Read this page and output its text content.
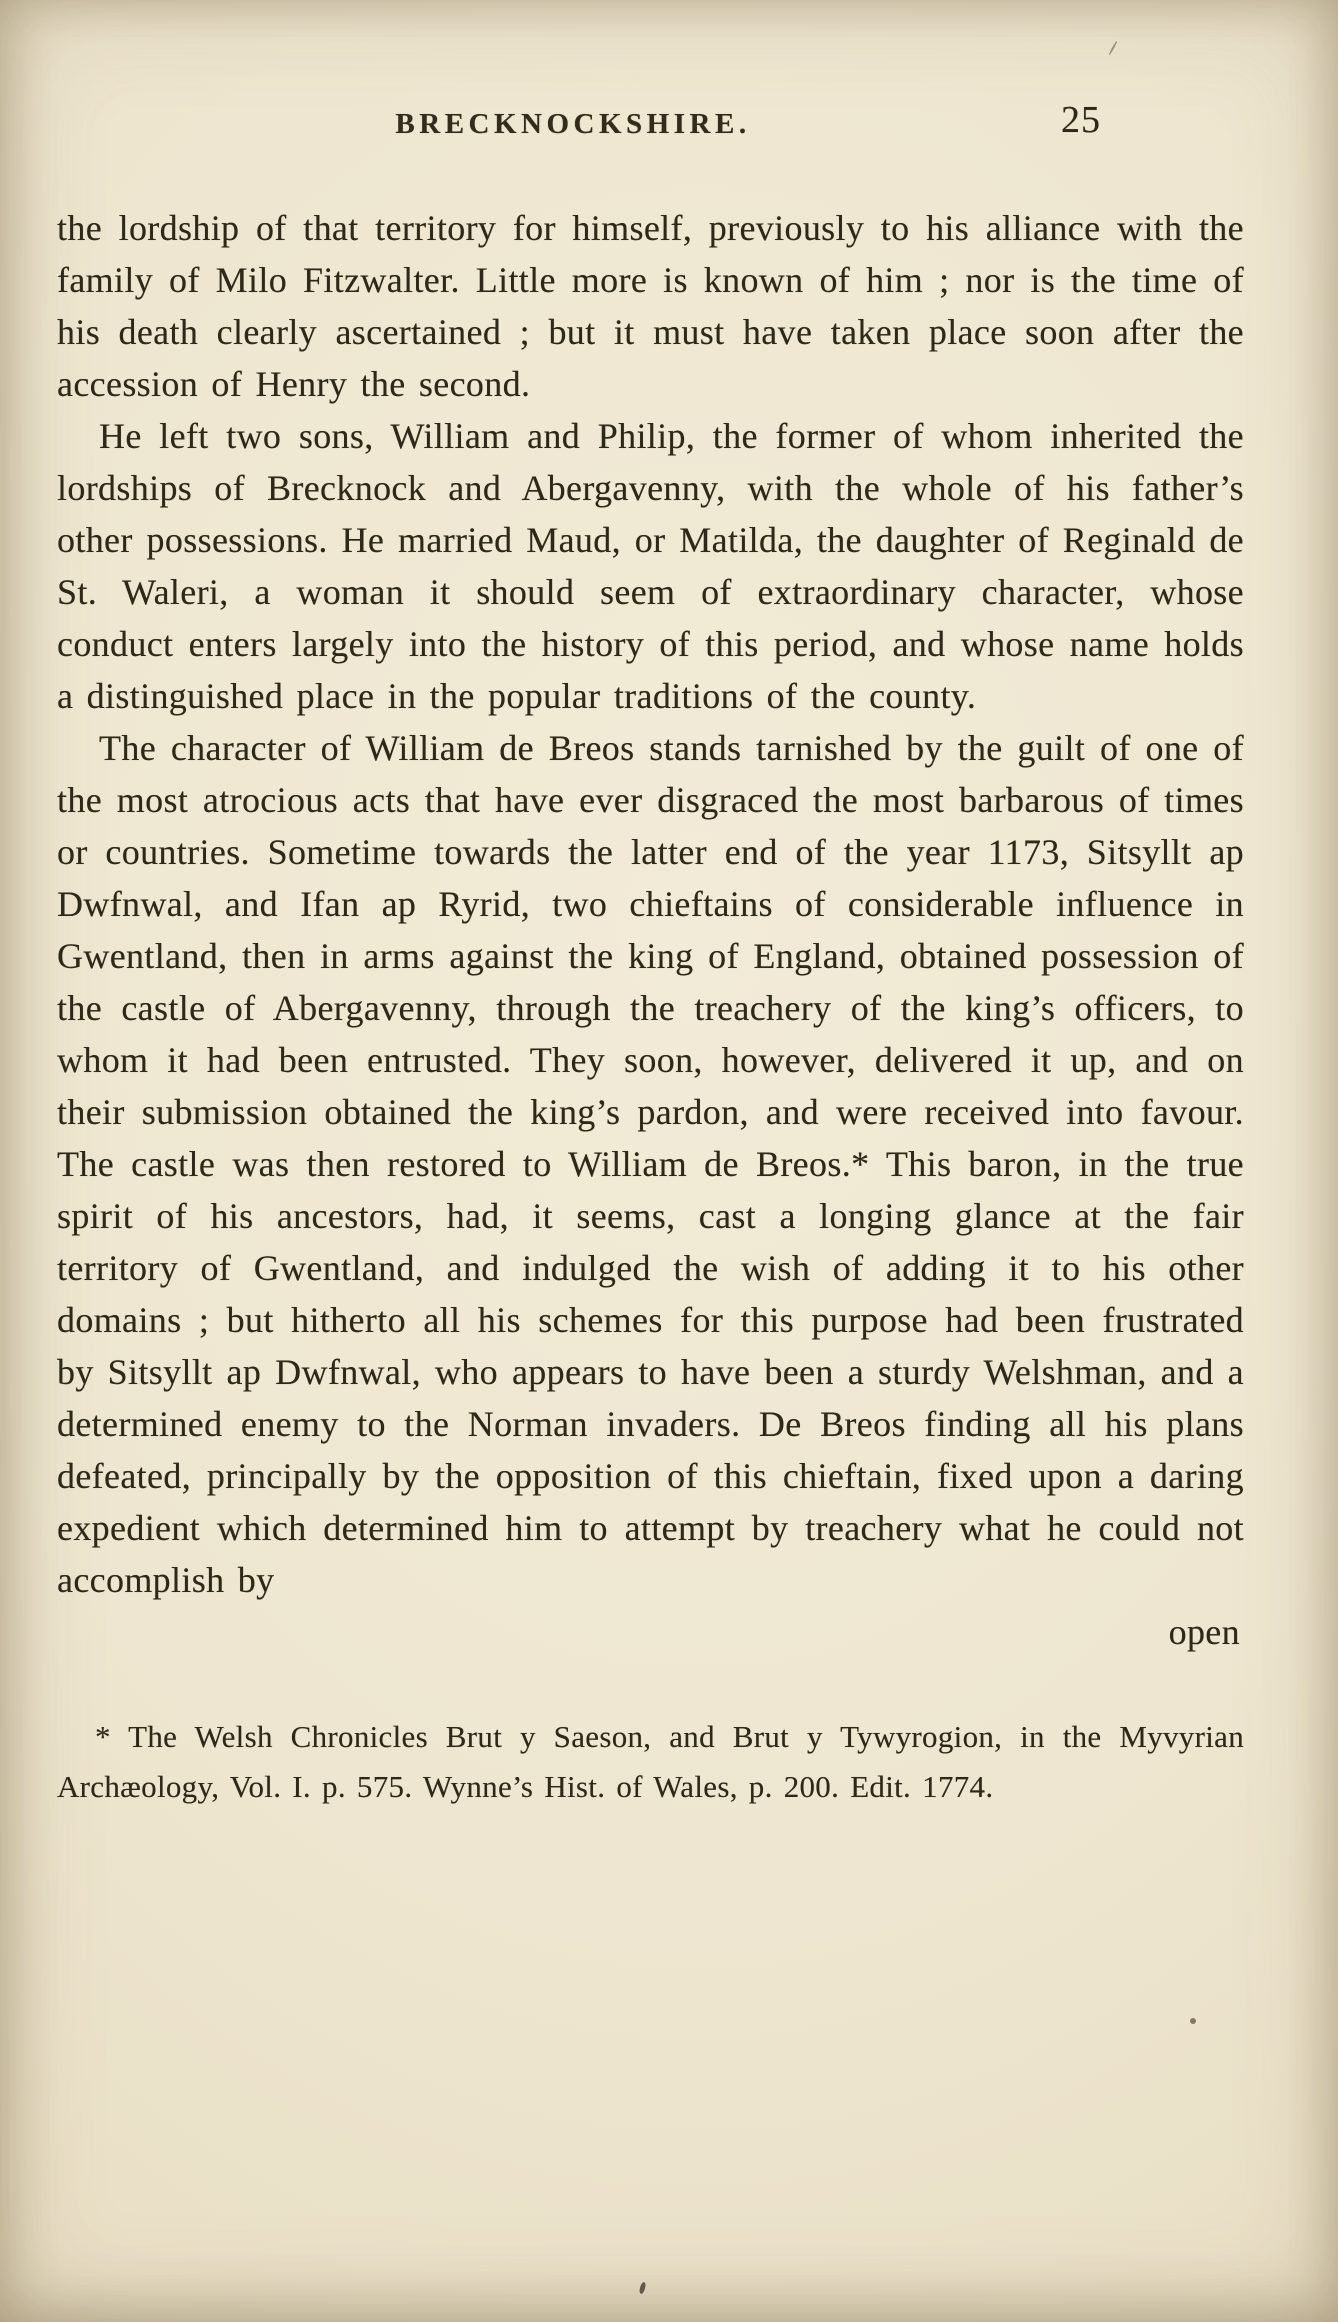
BRECKNOCKSHIRE.	25

the lordship of that territory for himself, previously to his alliance with the family of Milo Fitzwalter. Little more is known of him ; nor is the time of his death clearly ascertained ; but it must have taken place soon after the accession of Henry the second.

He left two sons, William and Philip, the former of whom inherited the lordships of Brecknock and Abergavenny, with the whole of his father’s other possessions. He married Maud, or Matilda, the daughter of Reginald de St. Waleri, a woman it should seem of extraordinary character, whose conduct enters largely into the history of this period, and whose name holds a distinguished place in the popular traditions of the county.

The character of William de Breos stands tarnished by the guilt of one of the most atrocious acts that have ever disgraced the most barbarous of times or countries. Sometime towards the latter end of the year 1173, Sitsyllt ap Dwfnwal, and Ifan ap Ryrid, two chieftains of considerable influence in Gwentland, then in arms against the king of England, obtained possession of the castle of Abergavenny, through the treachery of the king’s officers, to whom it had been entrusted. They soon, however, delivered it up, and on their submission obtained the king’s pardon, and were received into favour. The castle was then restored to William de Breos.* This baron, in the true spirit of his ancestors, had, it seems, cast a longing glance at the fair territory of Gwentland, and indulged the wish of adding it to his other domains ; but hitherto all his schemes for this purpose had been frustrated by Sitsyllt ap Dwfnwal, who appears to have been a sturdy Welshman, and a determined enemy to the Norman invaders. De Breos finding all his plans defeated, principally by the opposition of this chieftain, fixed upon a daring expedient which determined him to attempt by treachery what he could not accomplish by

open
* The Welsh Chronicles Brut y Saeson, and Brut y Tywyrogion, in the Myvyrian Archæology, Vol. I. p. 575. Wynne’s Hist. of Wales, p. 200. Edit. 1774.
